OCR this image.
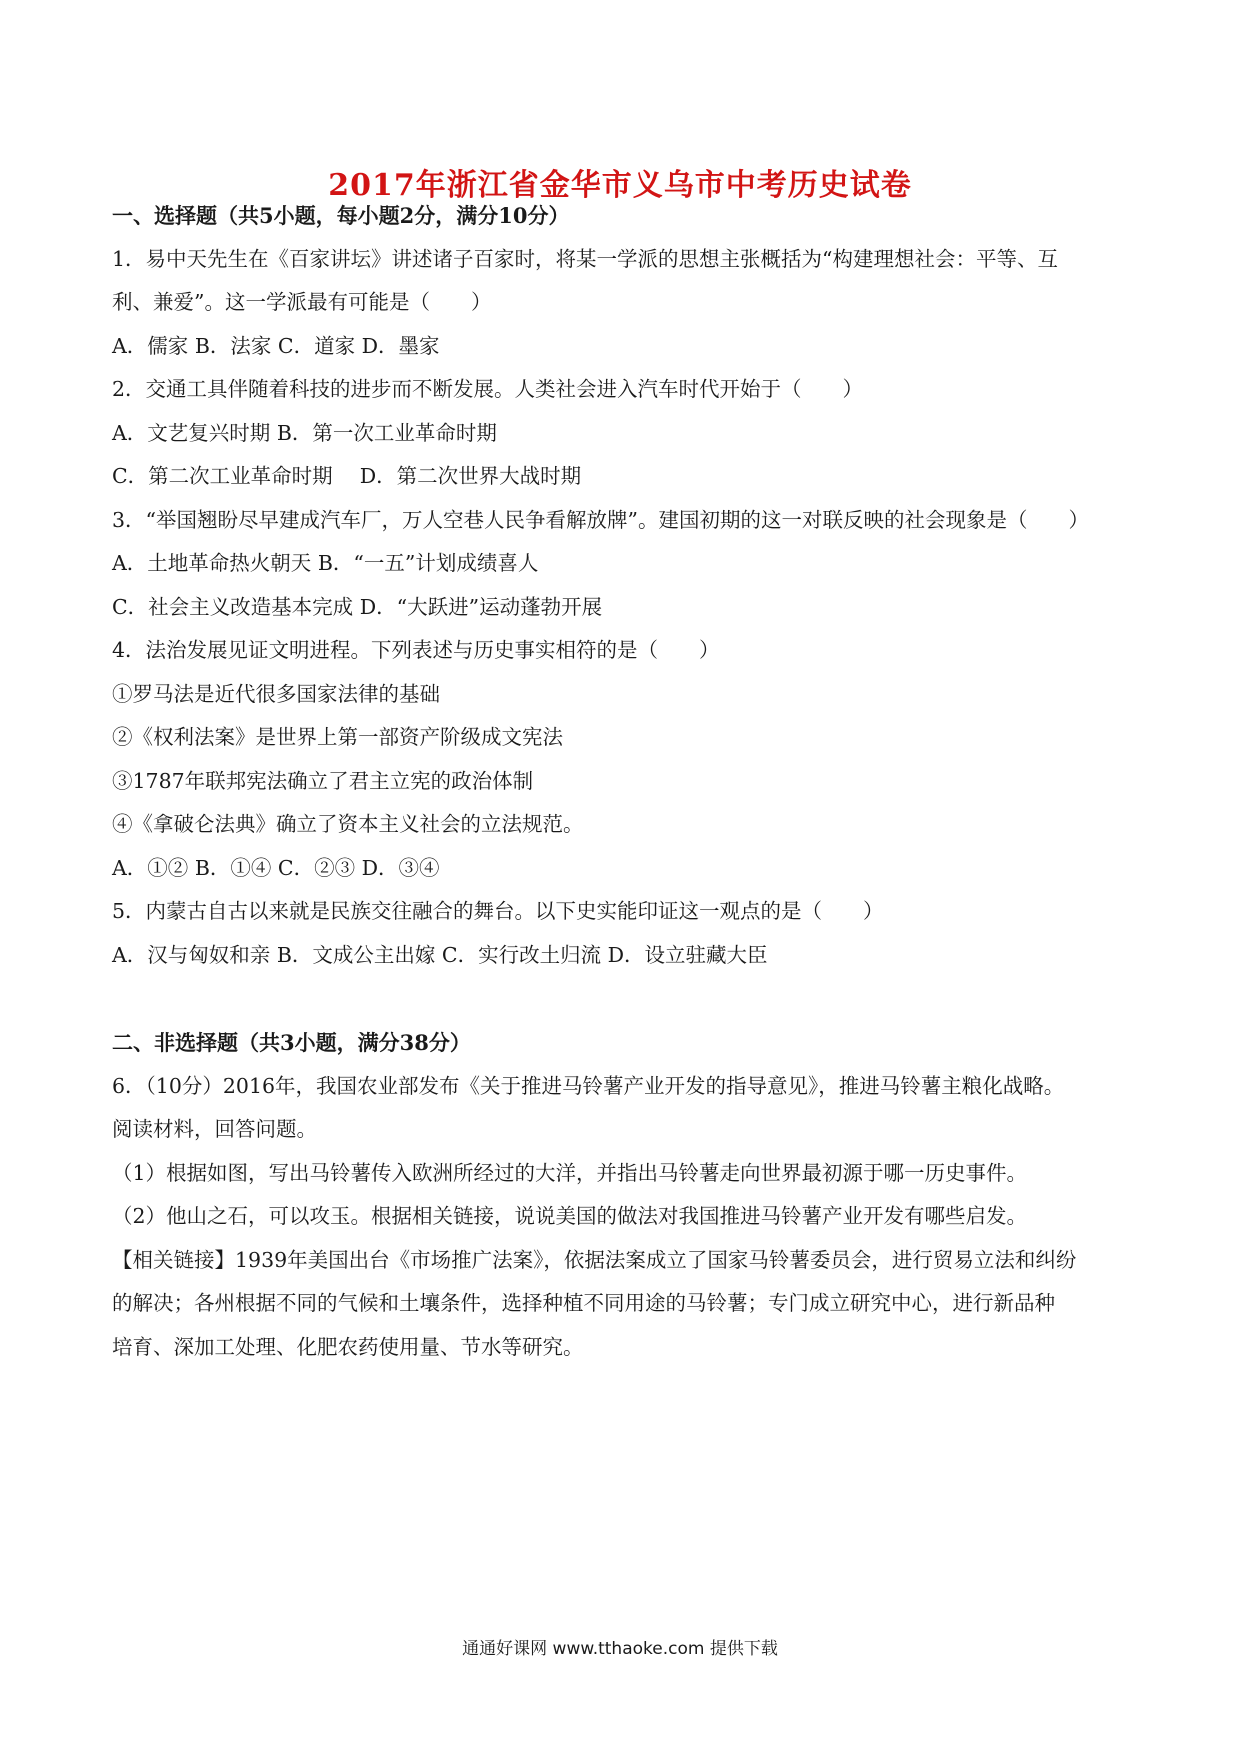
2017年浙江省金华市义乌市中考历史试卷

一、选择题（共5小题，每小题2分，满分10分）

1．易中天先生在《百家讲坛》讲述诸子百家时，将某一学派的思想主张概括为“构建理想社会：平等、互

利、兼爱”。这一学派最有可能是（　　）

A．儒家 B．法家 C．道家 D．墨家

2．交通工具伴随着科技的进步而不断发展。人类社会进入汽车时代开始于（　　）

A．文艺复兴时期 B．第一次工业革命时期

C．第二次工业革命时期　 D．第二次世界大战时期

3．“举国翘盼尽早建成汽车厂，万人空巷人民争看解放牌”。建国初期的这一对联反映的社会现象是（　　）

A．土地革命热火朝天 B．“一五”计划成绩喜人

C．社会主义改造基本完成 D．“大跃进”运动蓬勃开展

4．法治发展见证文明进程。下列表述与历史事实相符的是（　　）

①罗马法是近代很多国家法律的基础

②《权利法案》是世界上第一部资产阶级成文宪法

③1787年联邦宪法确立了君主立宪的政治体制

④《拿破仑法典》确立了资本主义社会的立法规范。

A．①② B．①④ C．②③ D．③④

5．内蒙古自古以来就是民族交往融合的舞台。以下史实能印证这一观点的是（　　）

A．汉与匈奴和亲 B．文成公主出嫁 C．实行改土归流 D．设立驻藏大臣

二、非选择题（共3小题，满分38分）

6．（10分）2016年，我国农业部发布《关于推进马铃薯产业开发的指导意见》，推进马铃薯主粮化战略。

阅读材料，回答问题。

（1）根据如图，写出马铃薯传入欧洲所经过的大洋，并指出马铃薯走向世界最初源于哪一历史事件。

（2）他山之石，可以攻玉。根据相关链接，说说美国的做法对我国推进马铃薯产业开发有哪些启发。

【相关链接】1939年美国出台《市场推广法案》，依据法案成立了国家马铃薯委员会，进行贸易立法和纠纷

的解决；各州根据不同的气候和土壤条件，选择种植不同用途的马铃薯；专门成立研究中心，进行新品种

培育、深加工处理、化肥农药使用量、节水等研究。

通通好课网 www.tthaoke.com 提供下载
